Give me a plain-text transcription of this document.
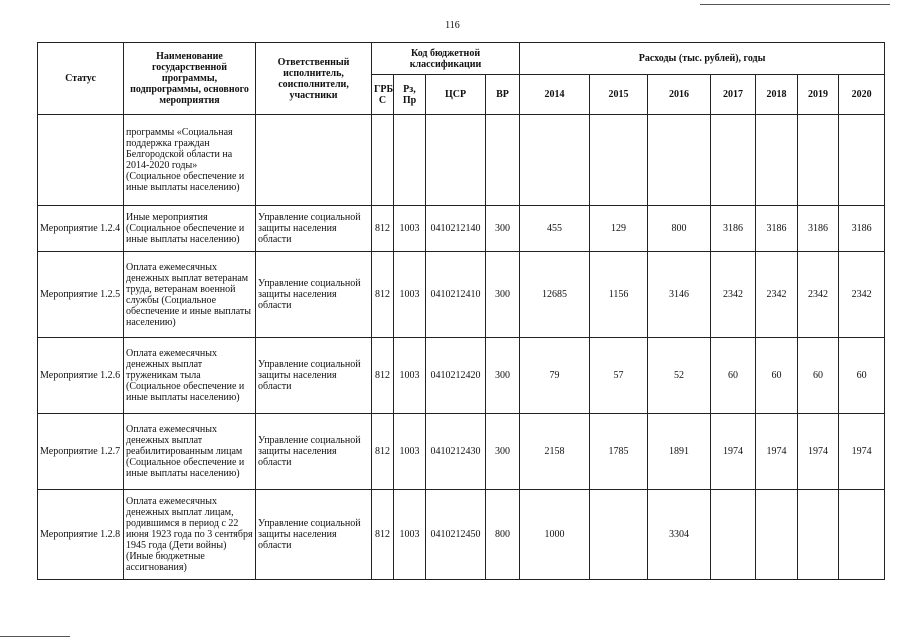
116
Статус	Наименование государственной программы, подпрограммы, основного мероприятия	Ответственный исполнитель, соисполнители, участники	Код бюджетной классификации				Расходы (тыс. рублей), годы						
			ГРБ С	Рз, Пр	ЦСР	ВР	2014	2015	2016	2017	2018	2019	2020
	программы «Социальная поддержка граждан Белгородской области на 2014-2020 годы» (Социальное обеспечение и иные выплаты населению)												
Мероприятие 1.2.4	Иные мероприятия (Социальное обеспечение и иные выплаты населению)	Управление социальной защиты населения области	812	1003	0410212140	300	455	129	800	3186	3186	3186	3186
Мероприятие 1.2.5	Оплата ежемесячных денежных выплат ветеранам труда, ветеранам военной службы (Социальное обеспечение и иные выплаты населению)	Управление социальной защиты населения области	812	1003	0410212410	300	12685	1156	3146	2342	2342	2342	2342
Мероприятие 1.2.6	Оплата ежемесячных денежных выплат труженикам тыла (Социальное обеспечение и иные выплаты населению)	Управление социальной защиты населения области	812	1003	0410212420	300	79	57	52	60	60	60	60
Мероприятие 1.2.7	Оплата ежемесячных денежных выплат реабилитированным лицам (Социальное обеспечение и иные выплаты населению)	Управление социальной защиты населения области	812	1003	0410212430	300	2158	1785	1891	1974	1974	1974	1974
Мероприятие 1.2.8	Оплата ежемесячных денежных выплат лицам, родившимся в период с 22 июня 1923 года по 3 сентября 1945 года (Дети войны) (Иные бюджетные ассигнования)	Управление социальной защиты населения области	812	1003	0410212450	800	1000		3304				
